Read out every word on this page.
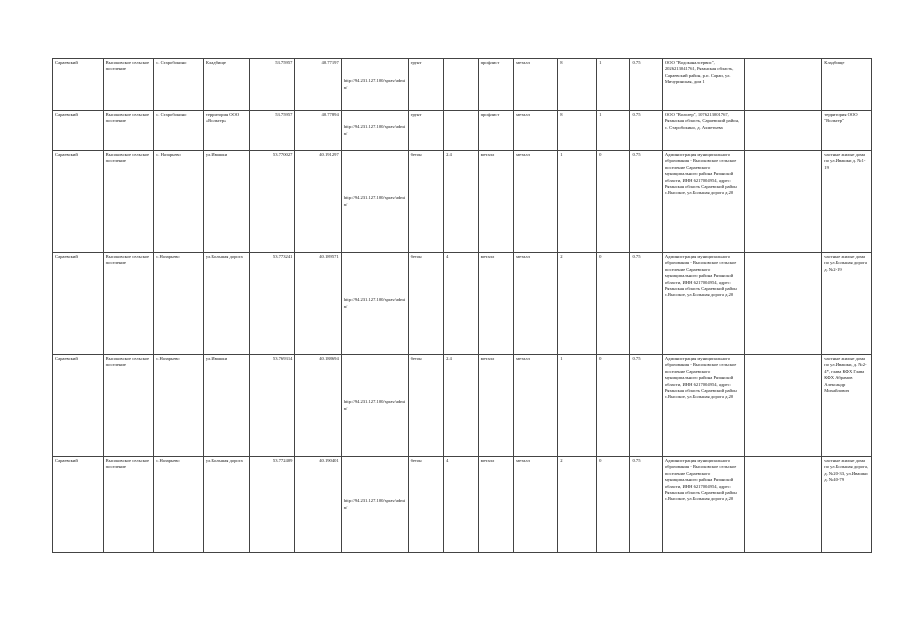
Сараевский	Высоковское сельское поселение	с. Старобокино	Кладбище	53.75957	40.77197	http://94.231.127.100/sprav/admin/	грунт		профлист	металл	8	1	0.75	ООО "Водоканалсервис", 2026213041761, Рязанская область, Сараевский район, р.п. Сараи, ул. Мичуринская, дом 1		Кладбище
Сараевский	Высоковское сельское поселение	с. Старобокино	территория ООО «Вольтер»	53.75957	40.77894	http://94.231.127.100/sprav/admin/	грунт		профлист	металл	8	1	0.75	ООО "Вольтер", 1076213001767, Рязанская область, Сараевский район, с. Старобокино, д. Ахметьева		территория ООО "Вольтер"
Сараевский	Высоковское сельское поселение	с. Назарьево	ул.Ивашки	53.770027	40.191297	http://94.231.127.100/sprav/admin/	бетон	2.4	металл	металл	1	0	0.75	Администрация муниципального образования - Высоковское сельское поселение Сараевского муниципального района Рязанской области, ИНН 6217004954, адрес: Рязанская область Сараевский район с.Высокое, ул.Большая дорога д.20		частные жилые дома по ул.Ивашки д. №1-19
Сараевский	Высоковское сельское поселение	с.Назарьево	ул.Большая дорога	53.773241	40.189571	http://94.231.127.100/sprav/admin/	бетон	4	металл	металл	2	0	0.75	Администрация муниципального образования - Высоковское сельское поселение Сараевского муниципального района Рязанской области, ИНН 6217004954, адрес: Рязанская область Сараевский район с.Высокое, ул.Большая дорога д.20		частные жилые дома по ул.Большая дорога д. №2-19
Сараевский	Высоковское сельское поселение	с.Назарьево	ул.Ивашки	53.769314	40.188694	http://94.231.127.100/sprav/admin/	бетон	2.4	металл	металл	1	0	0.75	Администрация муниципального образования - Высоковское сельское поселение Сараевского муниципального района Рязанской области, ИНН 6217004954, адрес: Рязанская область Сараевский район с.Высокое, ул.Большая дорога д.20		частные жилые дома по ул.Ивашки, д. №2-4*, глава КФХ Глава КФХ Абрамов Александр Михайлович
Сараевский	Высоковское сельское поселение	с.Назарьево	ул.Большая дорога	53.772409	40.190401	http://94.231.127.100/sprav/admin/	бетон	4	металл	металл	2	0	0.75	Администрация муниципального образования - Высоковское сельское поселение Сараевского муниципального района Рязанской области, ИНН 6217004954, адрес: Рязанская область Сараевский район с.Высокое, ул.Большая дорога д.20		частные жилые дома по ул.Большая дорога, д. №20-33, ул.Ивашки д. №40-79
